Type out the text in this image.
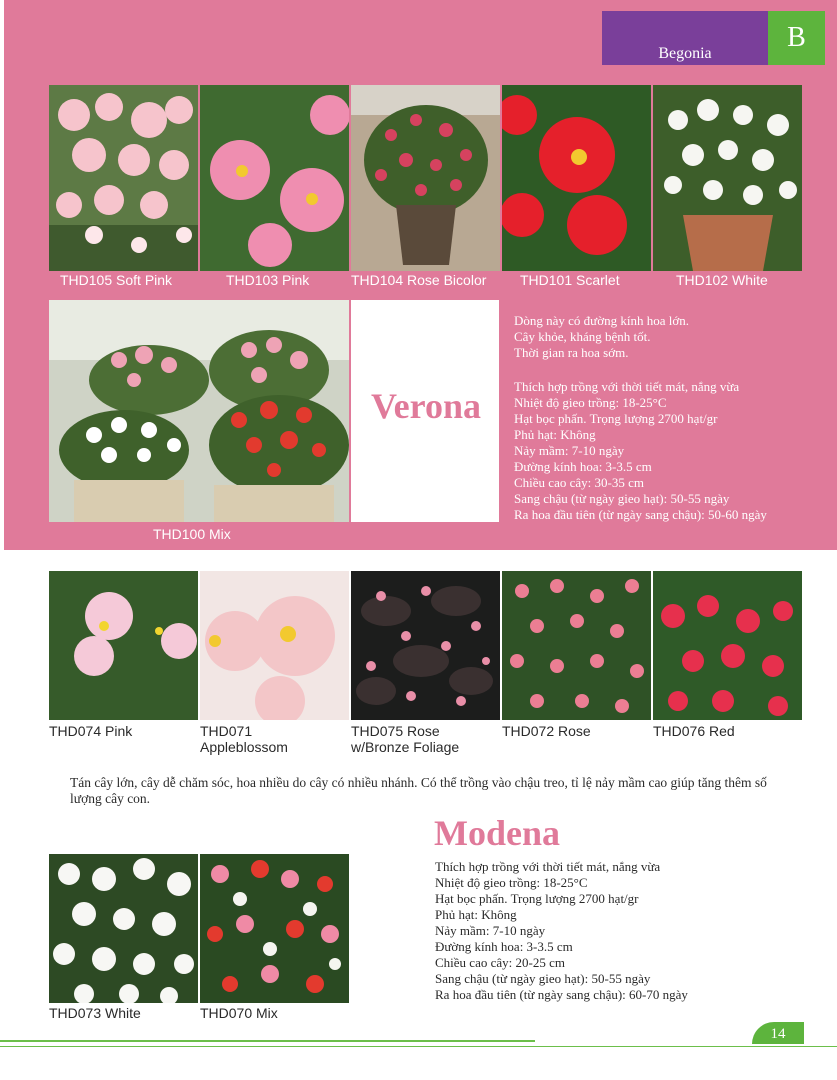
Begonia
B
THD105 Soft Pink	THD103 Pink	THD104 Rose Bicolor THD101 Scarlet	THD102 White
THD100 Mix
Verona
Dòng này có đường kính hoa lớn.
Cây khỏe, kháng bệnh tốt.
Thời gian ra hoa sớm.
Thích hợp trồng với thời tiết mát, nắng vừa
Nhiệt độ gieo trồng: 18-25°C
Hạt bọc phấn. Trọng lượng 2700 hạt/gr
Phủ hạt: Không
Nảy mầm: 7-10 ngày
Đường kính hoa: 3-3.5 cm
Chiều cao cây: 30-35 cm
Sang chậu (từ ngày gieo hạt): 50-55 ngày
Ra hoa đầu tiên (từ ngày sang chậu): 50-60 ngày
THD074 Pink	THD071
Appleblossom
THD075 Rose
w/Bronze Foliage
THD072 Rose	THD076 Red
Tán cây lớn, cây dễ chăm sóc, hoa nhiều do cây có nhiều nhánh. Có thể trồng vào chậu treo, tỉ lệ nảy mầm cao giúp tăng thêm số lượng cây con.
Modena
THD073 White	THD070 Mix
Thích hợp trồng với thời tiết mát, nắng vừa
Nhiệt độ gieo trồng: 18-25°C
Hạt bọc phấn. Trọng lượng 2700 hạt/gr
Phủ hạt: Không
Nảy mầm: 7-10 ngày
Đường kính hoa: 3-3.5 cm
Chiều cao cây: 20-25 cm
Sang chậu (từ ngày gieo hạt): 50-55 ngày
Ra hoa đầu tiên (từ ngày sang chậu): 60-70 ngày
14
